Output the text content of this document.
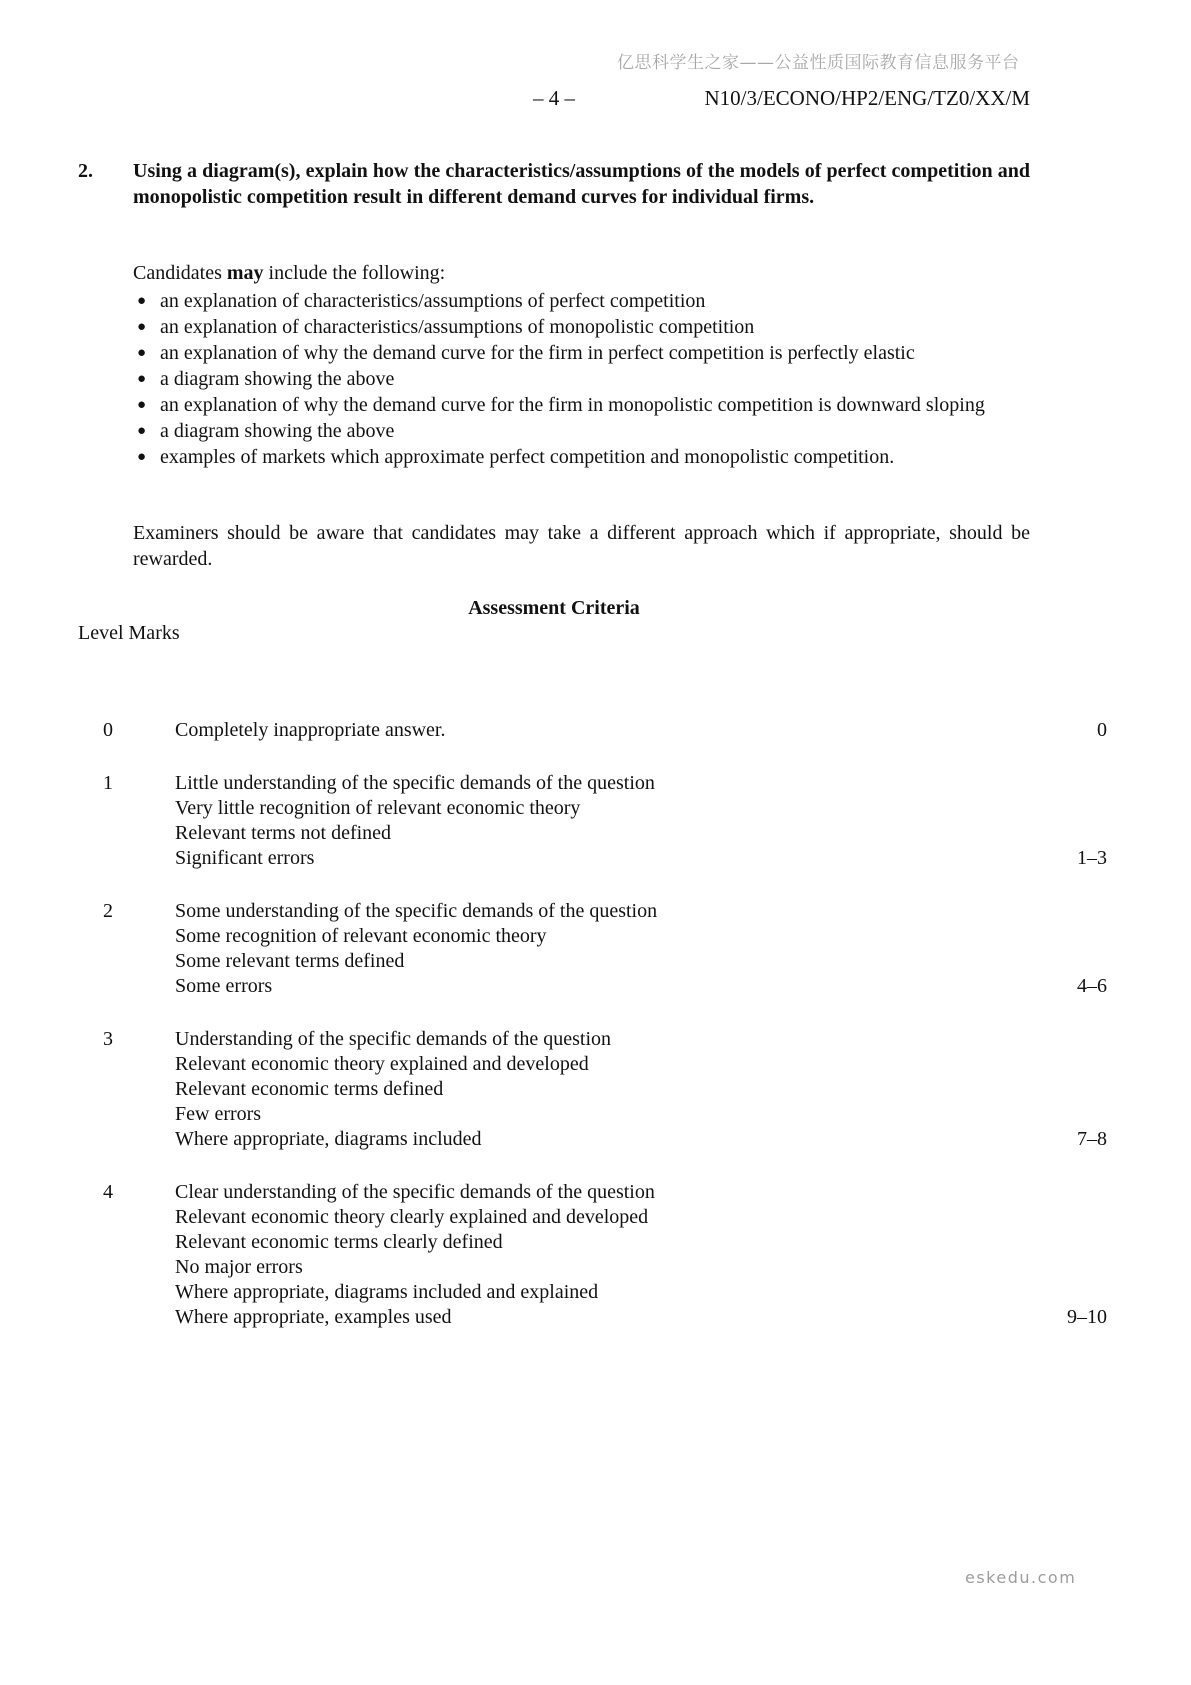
亿思科学生之家——公益性质国际教育信息服务平台
– 4 –	N10/3/ECONO/HP2/ENG/TZ0/XX/M
2.	Using a diagram(s), explain how the characteristics/assumptions of the models of perfect competition and monopolistic competition result in different demand curves for individual firms.
Candidates may include the following:
● an explanation of characteristics/assumptions of perfect competition
● an explanation of characteristics/assumptions of monopolistic competition
● an explanation of why the demand curve for the firm in perfect competition is perfectly elastic
● a diagram showing the above
● an explanation of why the demand curve for the firm in monopolistic competition is downward sloping
● a diagram showing the above
● examples of markets which approximate perfect competition and monopolistic competition.
Examiners should be aware that candidates may take a different approach which if appropriate, should be rewarded.
Assessment Criteria
Level Marks
0	Completely inappropriate answer.	0
1	Little understanding of the specific demands of the question
Very little recognition of relevant economic theory
Relevant terms not defined
Significant errors	1–3
2	Some understanding of the specific demands of the question
Some recognition of relevant economic theory
Some relevant terms defined
Some errors	4–6
3	Understanding of the specific demands of the question
Relevant economic theory explained and developed
Relevant economic terms defined
Few errors
Where appropriate, diagrams included	7–8
4	Clear understanding of the specific demands of the question
Relevant economic theory clearly explained and developed
Relevant economic terms clearly defined
No major errors
Where appropriate, diagrams included and explained
Where appropriate, examples used	9–10
eskedu.com
